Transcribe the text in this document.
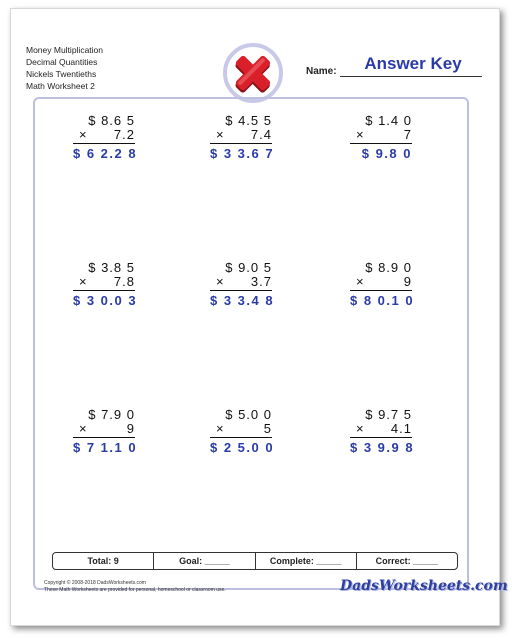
Money Multiplication
Decimal Quantities
Nickels Twentieths
Math Worksheet 2
Name:	Answer Key
$ 8.6 5
× 7.2
$ 6 2.2 8
$ 4.5 5
× 7.4
$ 3 3.6 7
$ 1.4 0
×	7
$ 9.8 0
$ 3.8 5
× 7.8
$ 3 0.0 3
$ 9.0 5
× 3.7
$ 3 3.4 8
$ 8.9 0
×	9
$ 8 0.1 0
$ 7.9 0
×	9
$ 7 1.1 0
$ 5.0 0
×	5
$ 2 5.0 0
$ 9.7 5
× 4.1
$ 3 9.9 8
Total: 9	Goal: _____	Complete: _____	Correct: _____
Copyright © 2008-2018 DadsWorksheets.com
These Math Worksheets are provided for personal, homeschool or classroom use.	DadsWorksheets.com
